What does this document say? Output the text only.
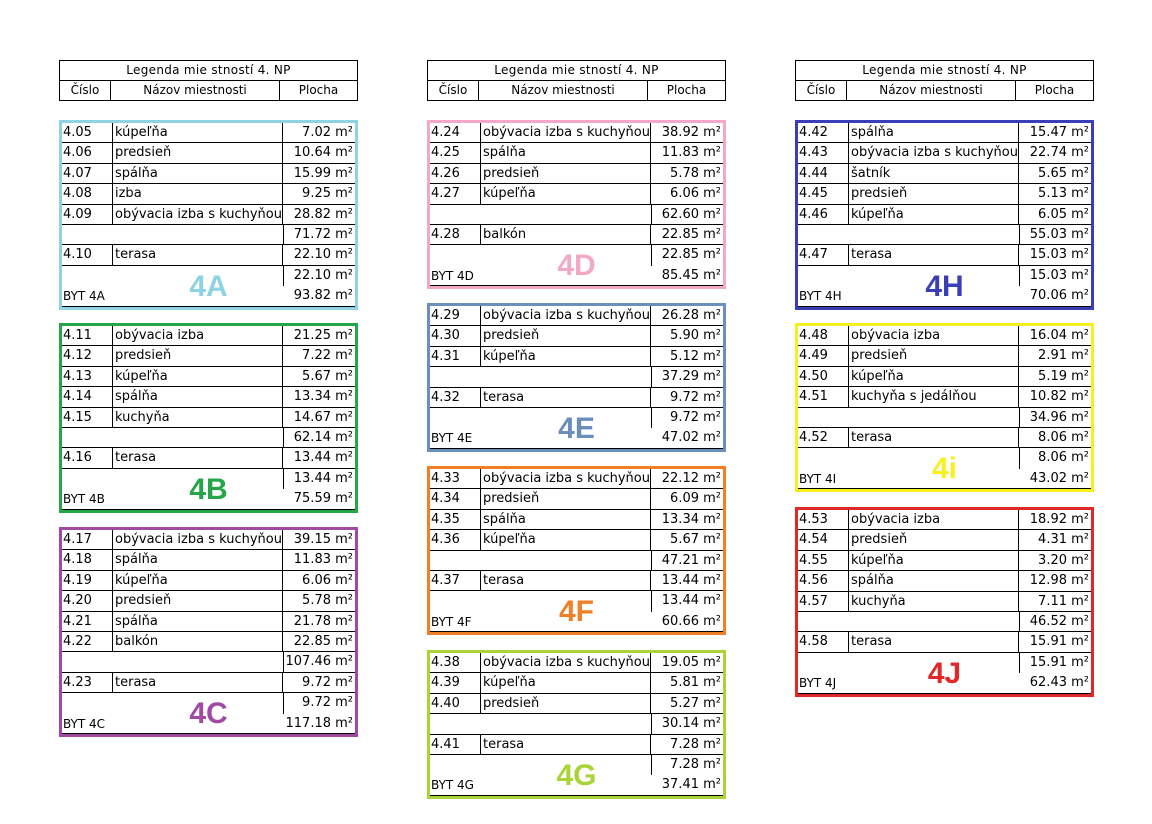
Legenda mie stností 4. NP
Číslo	Názov miestnosti	Plocha
Legenda mie stností 4. NP
Číslo	Názov miestnosti	Plocha
Legenda mie stností 4. NP
Číslo	Názov miestnosti	Plocha
4.05	kúpeľňa	7.02 m²
4.06	predsieň	10.64 m²
4.07	spálňa	15.99 m²
4.08	izba	9.25 m²
4.09	obývacia izba s kuchyňou 28.82 m²
71.72 m²
4.10	terasa	22.10 m²
22.10 m²
BYT 4A	93.82 m²
4A
4.11	obývacia izba	21.25 m²
4.12	predsieň	7.22 m²
4.13	kúpeľňa	5.67 m²
4.14	spálňa	13.34 m²
4.15	kuchyňa	14.67 m²
62.14 m²
4.16	terasa	13.44 m²
13.44 m²
BYT 4B	75.59 m²
4B
4.17	obývacia izba s kuchyňou 39.15 m²
4.18	spálňa	11.83 m²
4.19	kúpeľňa	6.06 m²
4.20	predsieň	5.78 m²
4.21	spálňa	21.78 m²
4.22	balkón	22.85 m²
107.46 m²
4.23	terasa	9.72 m²
9.72 m²
BYT 4C	117.18 m²
4C
4.24	obývacia izba s kuchyňou 38.92 m²
4.25	spálňa	11.83 m²
4.26	predsieň	5.78 m²
4.27	kúpeľňa	6.06 m²
62.60 m²
4.28	balkón	22.85 m²
22.85 m²
BYT 4D	85.45 m²
4D
4.29	obývacia izba s kuchyňou 26.28 m²
4.30	predsieň	5.90 m²
4.31	kúpeľňa	5.12 m²
37.29 m²
4.32	terasa	9.72 m²
9.72 m²
BYT 4E	47.02 m²
4E
4.33	obývacia izba s kuchyňou 22.12 m²
4.34	predsieň	6.09 m²
4.35	spálňa	13.34 m²
4.36	kúpeľňa	5.67 m²
47.21 m²
4.37	terasa	13.44 m²
13.44 m²
BYT 4F	60.66 m²
4F
4.38	obývacia izba s kuchyňou 19.05 m²
4.39	kúpeľňa	5.81 m²
4.40	predsieň	5.27 m²
30.14 m²
4.41	terasa	7.28 m²
7.28 m²
BYT 4G	37.41 m²
4G
4.42	spálňa	15.47 m²
4.43	obývacia izba s kuchyňou 22.74 m²
4.44	šatník	5.65 m²
4.45	predsieň	5.13 m²
4.46	kúpeľňa	6.05 m²
55.03 m²
4.47	terasa	15.03 m²
15.03 m²
BYT 4H	70.06 m²
4H
4.48	obývacia izba	16.04 m²
4.49	predsieň	2.91 m²
4.50	kúpeľňa	5.19 m²
4.51	kuchyňa s jedálňou	10.82 m²
34.96 m²
4.52	terasa	8.06 m²
8.06 m²
BYT 4I	43.02 m²
4i
4.53	obývacia izba	18.92 m²
4.54	predsieň	4.31 m²
4.55	kúpeľňa	3.20 m²
4.56	spálňa	12.98 m²
4.57	kuchyňa	7.11 m²
46.52 m²
4.58	terasa	15.91 m²
15.91 m²
BYT 4J	62.43 m²
4J
